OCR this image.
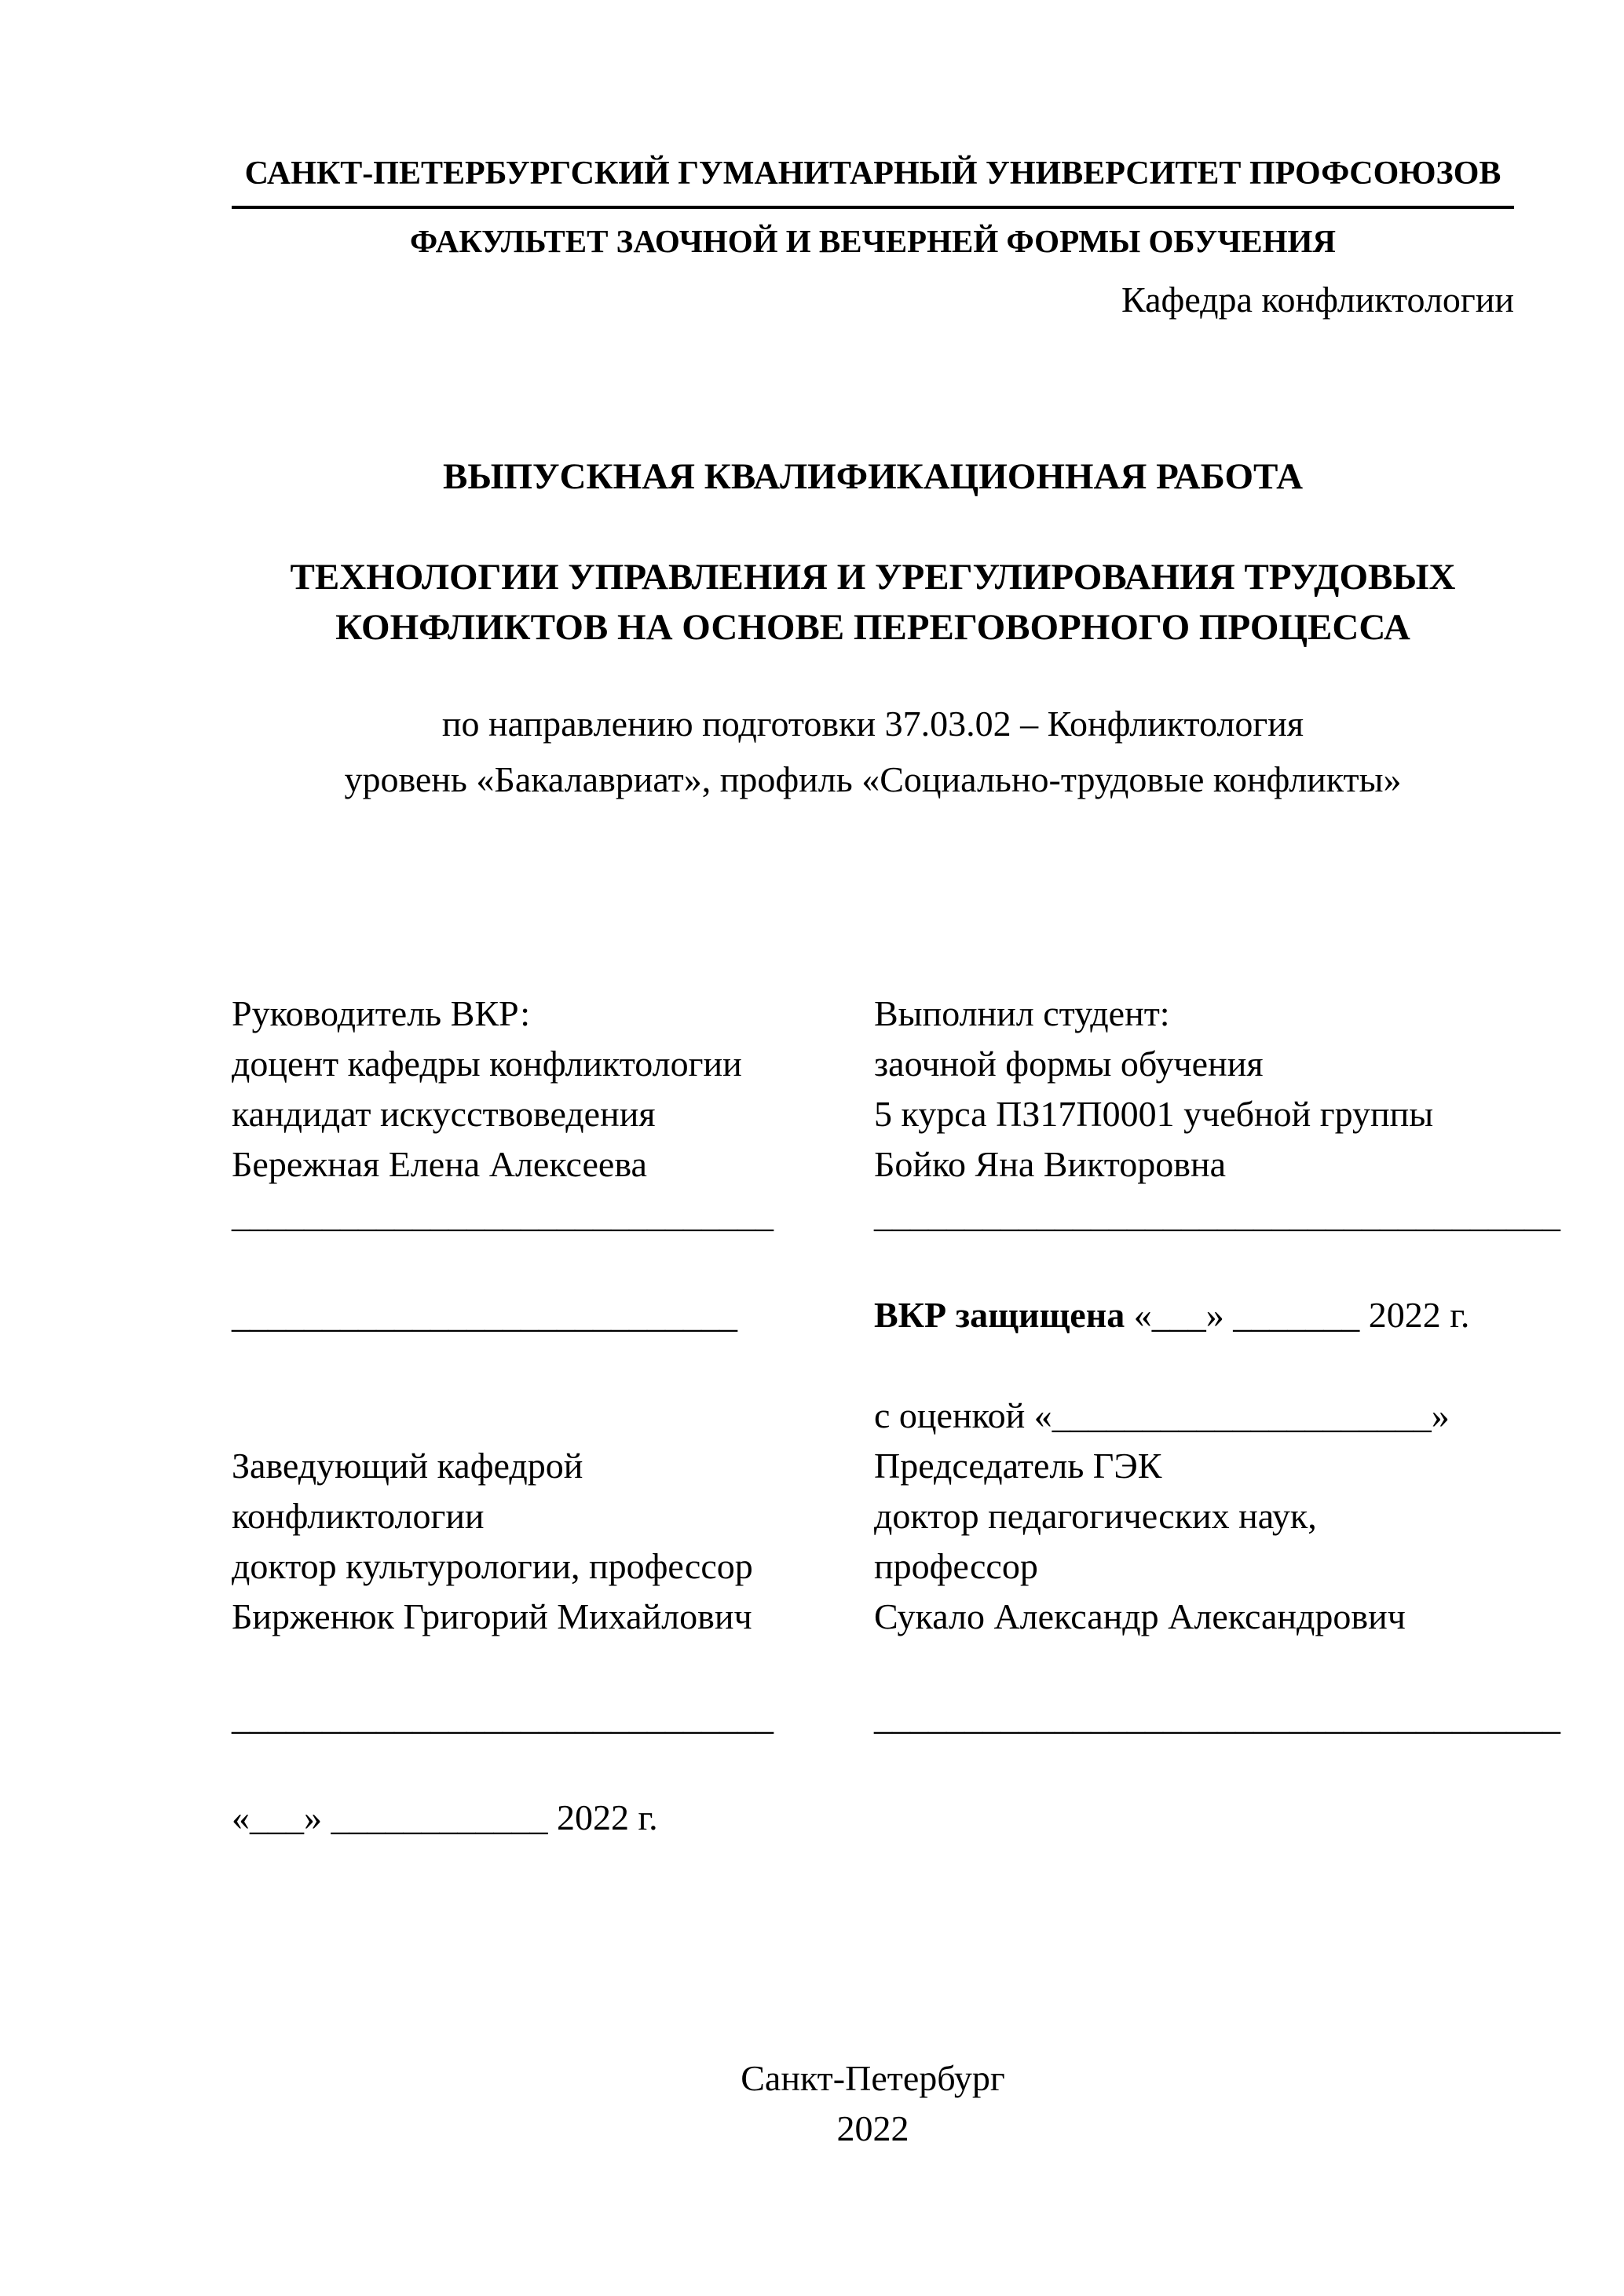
САНКТ-ПЕТЕРБУРГСКИЙ ГУМАНИТАРНЫЙ УНИВЕРСИТЕТ ПРОФСОЮЗОВ
ФАКУЛЬТЕТ ЗАОЧНОЙ И ВЕЧЕРНЕЙ ФОРМЫ ОБУЧЕНИЯ
Кафедра конфликтологии
ВЫПУСКНАЯ КВАЛИФИКАЦИОННАЯ РАБОТА
ТЕХНОЛОГИИ УПРАВЛЕНИЯ И УРЕГУЛИРОВАНИЯ ТРУДОВЫХ
КОНФЛИКТОВ НА ОСНОВЕ ПЕРЕГОВОРНОГО ПРОЦЕССА
по направлению подготовки 37.03.02 – Конфликтология
уровень «Бакалавриат», профиль «Социально-трудовые конфликты»
Руководитель ВКР:
доцент кафедры конфликтологии
кандидат искусствоведения
Бережная Елена Алексеева
______________________________
____________________________
Заведующий кафедрой
конфликтологии
доктор культурологии, профессор
Бирженюк Григорий Михайлович
______________________________
«___» ____________ 2022 г.
Выполнил студент:
заочной формы обучения
5 курса ПЗ17П0001 учебной группы
Бойко Яна Викторовна
______________________________________
ВКР защищена «___» _______ 2022 г.
с оценкой «_____________________»
Председатель ГЭК
доктор педагогических наук,
профессор
Сукало Александр Александрович
______________________________________
Санкт-Петербург
2022
